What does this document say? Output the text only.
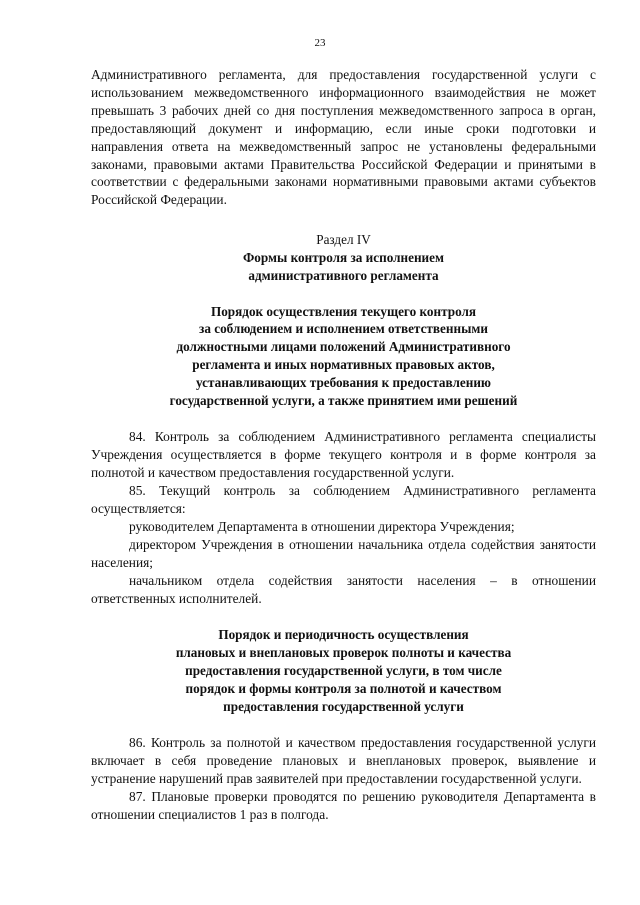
23

Административного регламента, для предоставления государственной услуги с использованием межведомственного информационного взаимодействия не может превышать 3 рабочих дней со дня поступления межведомственного запроса в орган, предоставляющий документ и информацию, если иные сроки подготовки и направления ответа на межведомственный запрос не установлены федеральными законами, правовыми актами Правительства Российской Федерации и принятыми в соответствии с федеральными законами нормативными правовыми актами субъектов Российской Федерации.

Раздел IV

Формы контроля за исполнением
административного регламента
Порядок осуществления текущего контроля
за соблюдением и исполнением ответственными
должностными лицами положений Административного
регламента и иных нормативных правовых актов,
устанавливающих требования к предоставлению
государственной услуги, а также принятием ими решений

84. Контроль за соблюдением Административного регламента специалисты Учреждения осуществляется в форме текущего контроля и в форме контроля за полнотой и качеством предоставления государственной услуги.

85. Текущий контроль за соблюдением Административного регламента осуществляется:

руководителем Департамента в отношении директора Учреждения;

директором Учреждения в отношении начальника отдела содействия занятости населения;

начальником отдела содействия занятости населения – в отношении ответственных исполнителей.

Порядок и периодичность осуществления
плановых и внеплановых проверок полноты и качества
предоставления государственной услуги, в том числе
порядок и формы контроля за полнотой и качеством
предоставления государственной услуги

86. Контроль за полнотой и качеством предоставления государственной услуги включает в себя проведение плановых и внеплановых проверок, выявление и устранение нарушений прав заявителей при предоставлении государственной услуги.

87. Плановые проверки проводятся по решению руководителя Департамента в отношении специалистов 1 раз в полгода.
